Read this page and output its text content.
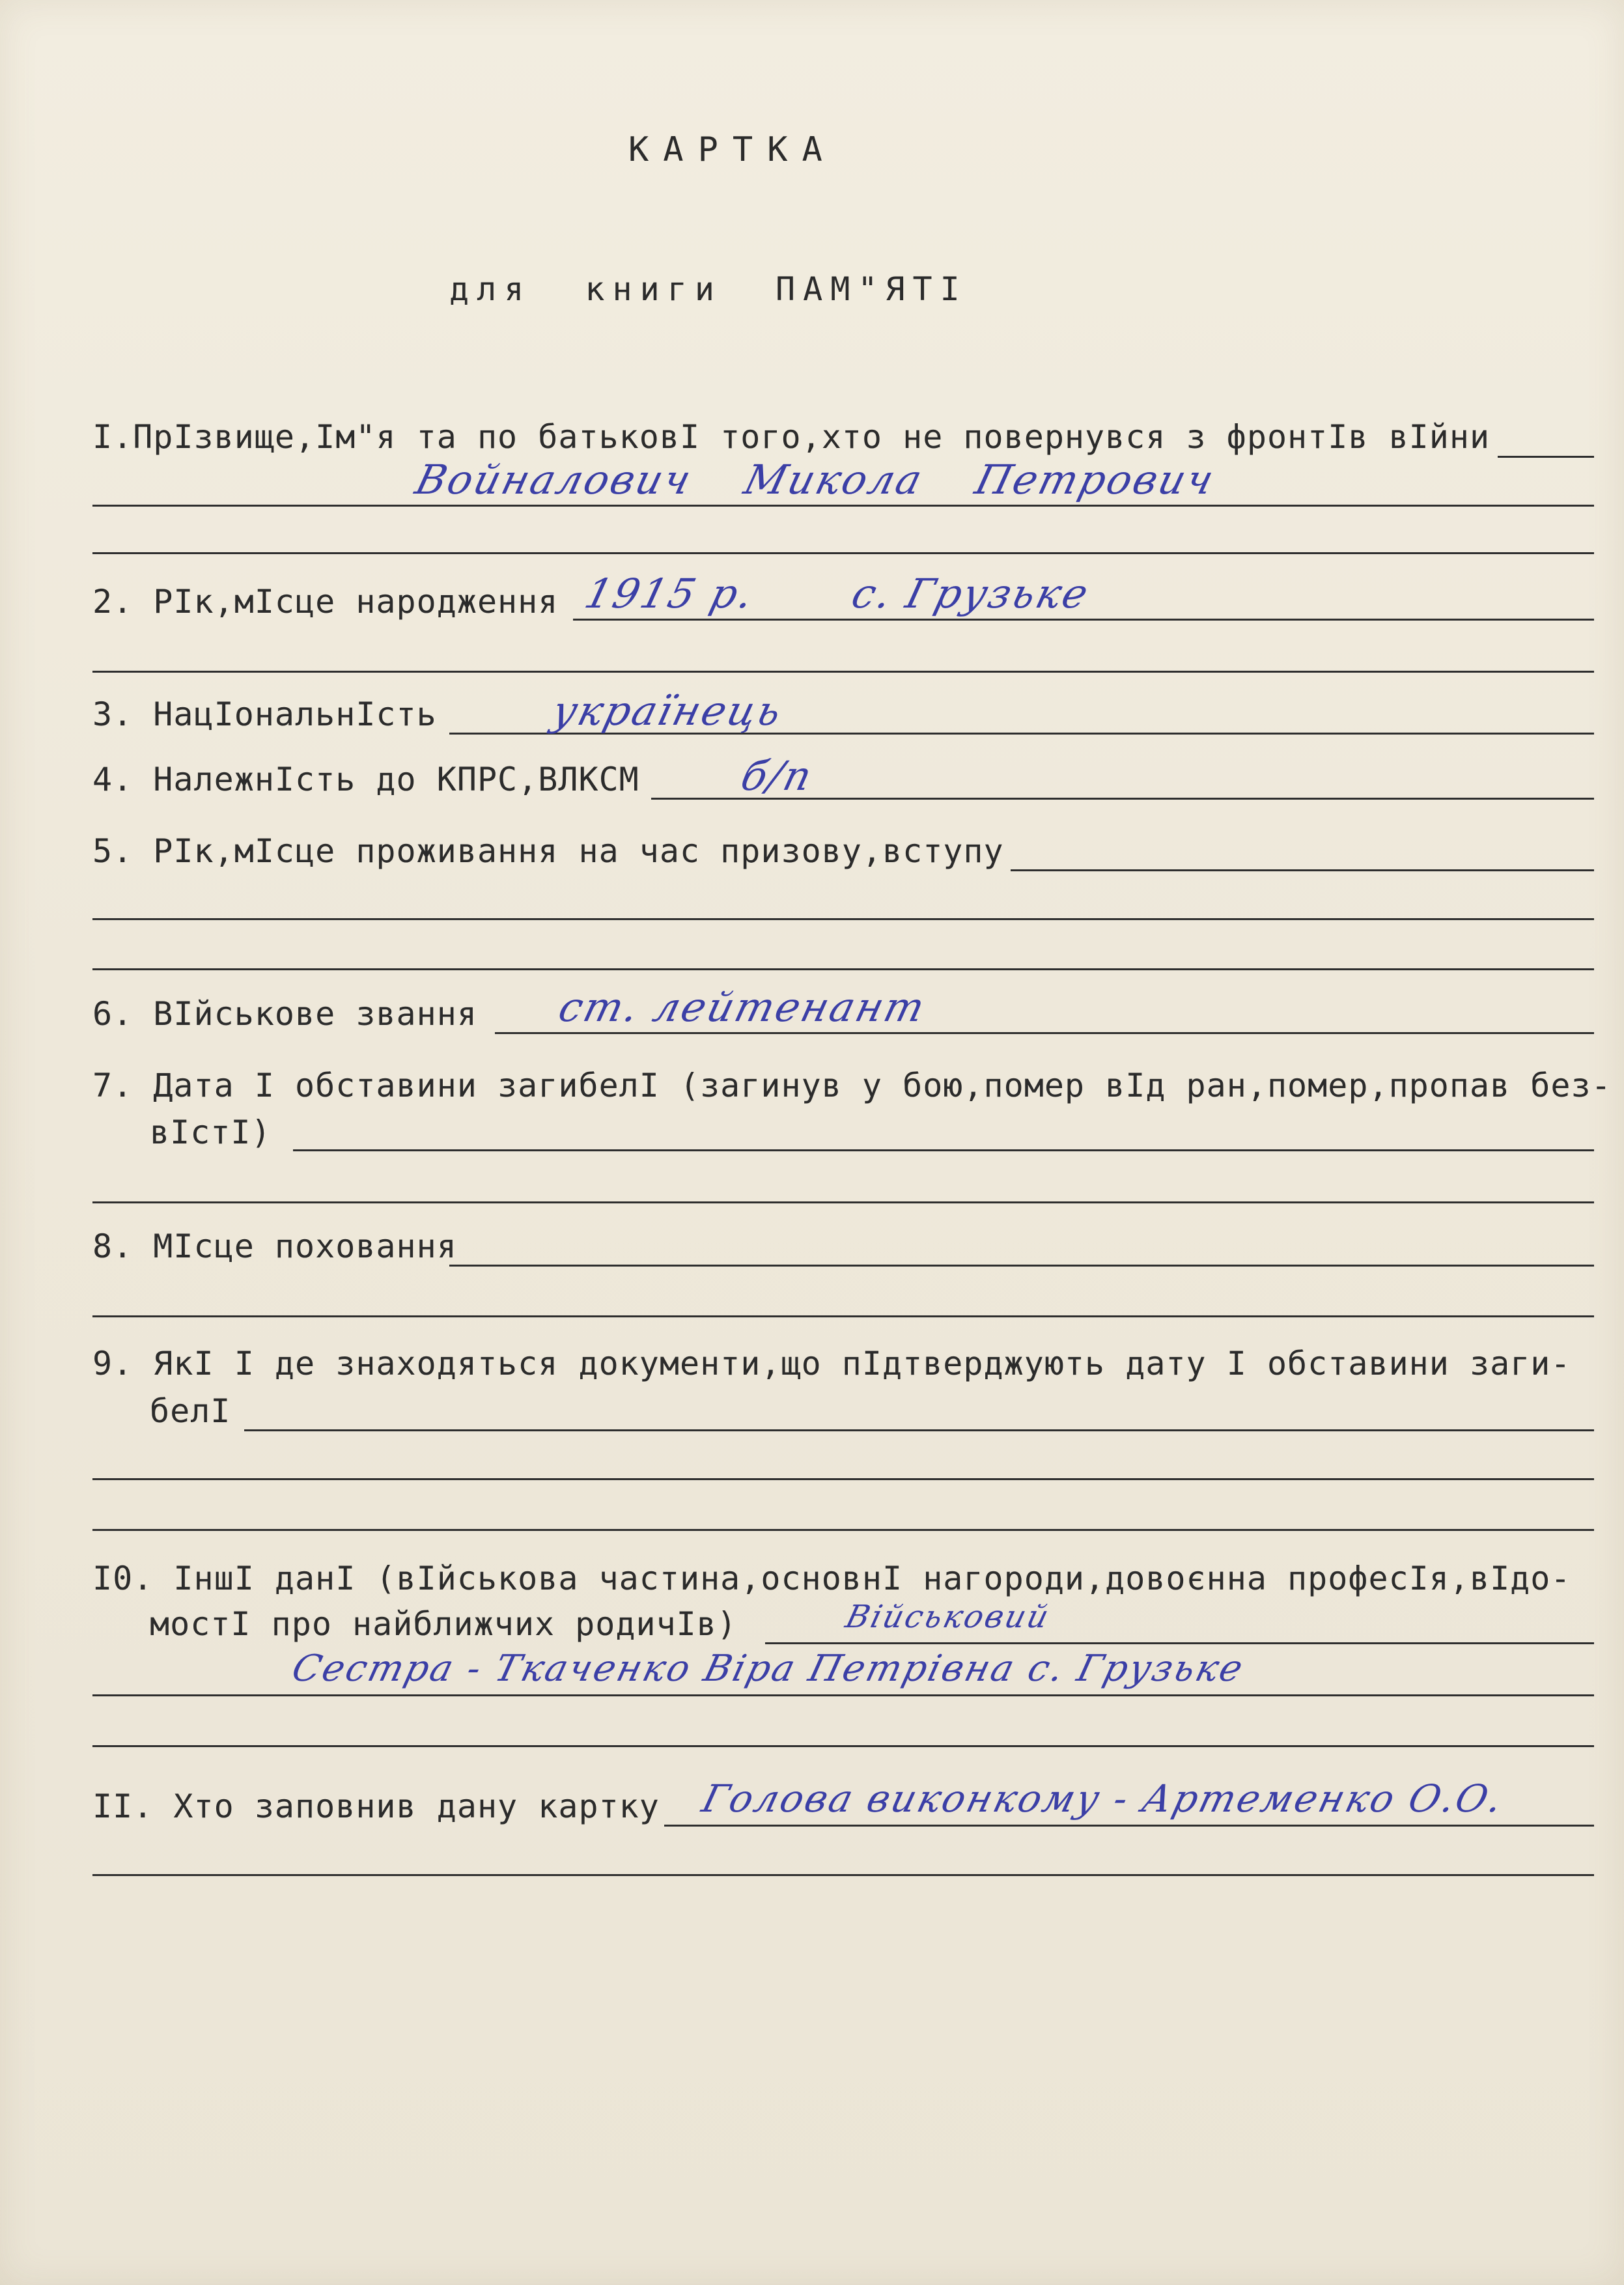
КАРТКА
для книги ПАМ"ЯТІ
І.ПрІзвище,Ім"я та по батьковІ того,хто не повернувся з фронтІв вІйни
Войналович Микола Петрович
2. РІк,мІсце народження 1915 р. с. Грузьке
3. НацІональнІсть	українець
4. НалежнІсть до КПРС,ВЛКСМ б/п
5. РІк,мІсце проживання на час призову,вступу
6. ВІйськове звання ст. лейтенант
7. Дата І обставини загибелІ (загинув у бою,помер вІд ран,помер,пропав без-
вІстІ)
8. МІсце поховання
9. ЯкІ І де знаходяться документи,що пІдтверджують дату І обставини заги-
белІ
І0. ІншІ данІ (вІйськова частина,основнІ нагороди,довоєнна професІя,вІдо-
мостІ про найближчих родичІв)	Військовий
Сестра - Ткаченко Віра Петрівна с. Грузьке
ІІ. Хто заповнив дану картку Голова виконкому - Артеменко О.О.
